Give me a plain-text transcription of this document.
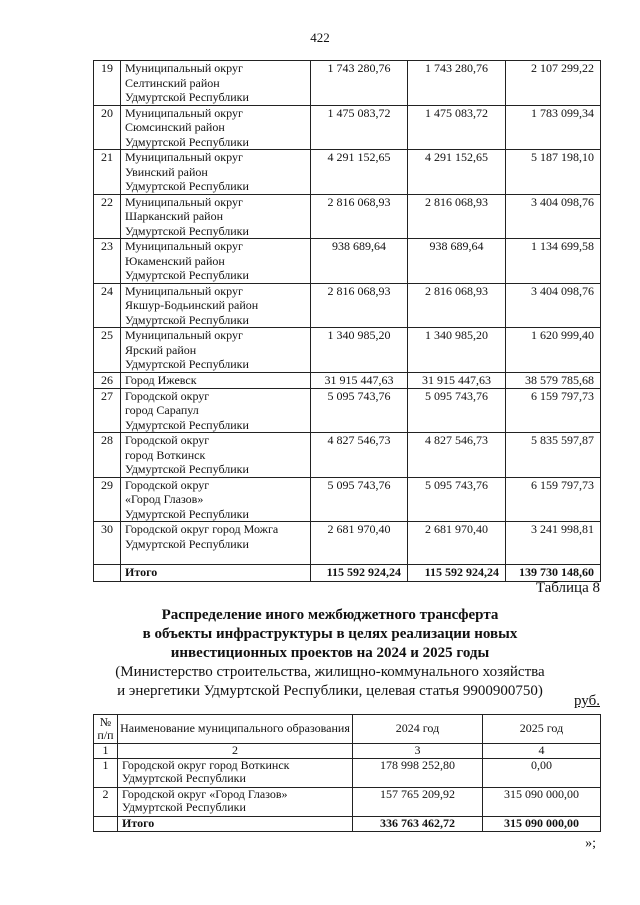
422
19	Муниципальный округ
Селтинский район
Удмуртской Республики	1 743 280,76	1 743 280,76	2 107 299,22
20	Муниципальный округ
Сюмсинский район
Удмуртской Республики	1 475 083,72	1 475 083,72	1 783 099,34
21	Муниципальный округ
Увинский район
Удмуртской Республики	4 291 152,65	4 291 152,65	5 187 198,10
22	Муниципальный округ
Шарканский район
Удмуртской Республики	2 816 068,93	2 816 068,93	3 404 098,76
23	Муниципальный округ
Юкаменский район
Удмуртской Республики	938 689,64	938 689,64	1 134 699,58
24	Муниципальный округ
Якшур-Бодьинский район
Удмуртской Республики	2 816 068,93	2 816 068,93	3 404 098,76
25	Муниципальный округ
Ярский район
Удмуртской Республики	1 340 985,20	1 340 985,20	1 620 999,40
26	Город Ижевск	31 915 447,63	31 915 447,63	38 579 785,68
27	Городской округ
город Сарапул
Удмуртской Республики	5 095 743,76	5 095 743,76	6 159 797,73
28	Городской округ
город Воткинск
Удмуртской Республики	4 827 546,73	4 827 546,73	5 835 597,87
29	Городской округ
«Город Глазов»
Удмуртской Республики	5 095 743,76	5 095 743,76	6 159 797,73
30	Городской округ город Можга
Удмуртской Республики	2 681 970,40	2 681 970,40	3 241 998,81
	Итого	115 592 924,24	115 592 924,24	139 730 148,60
Таблица 8
Распределение иного межбюджетного трансферта
в объекты инфраструктуры в целях реализации новых
инвестиционных проектов на 2024 и 2025 годы
(Министерство строительства, жилищно-коммунального хозяйства
и энергетики Удмуртской Республики, целевая статья 9900900750)
руб.
№ п/п	Наименование муниципального образования	2024 год	2025 год
1	2	3	4
1	Городской округ город Воткинск
Удмуртской Республики	178 998 252,80	0,00
2	Городской округ «Город Глазов»
Удмуртской Республики	157 765 209,92	315 090 000,00
	Итого	336 763 462,72	315 090 000,00
»;
